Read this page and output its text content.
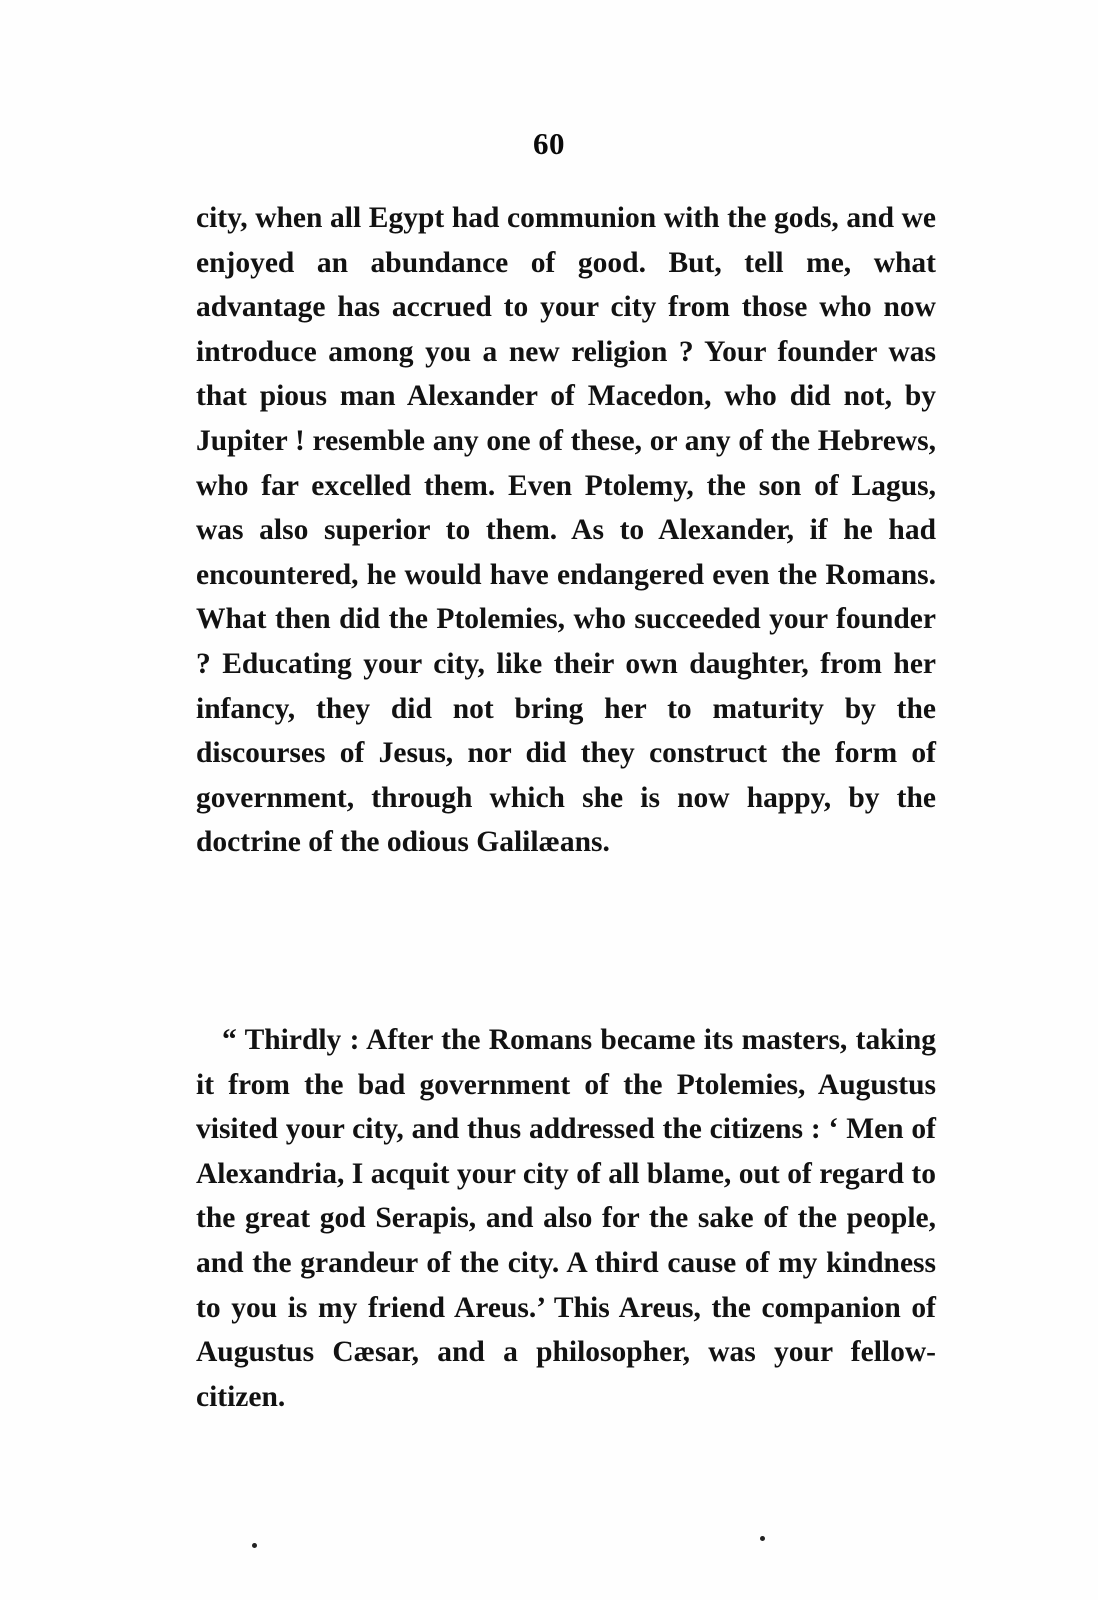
60
city, when all Egypt had communion with the gods, and we enjoyed an abundance of good. But, tell me, what advantage has accrued to your city from those who now introduce among you a new religion ? Your founder was that pious man Alexander of Macedon, who did not, by Jupiter ! resemble any one of these, or any of the Hebrews, who far excelled them. Even Ptolemy, the son of Lagus, was also superior to them. As to Alexander, if he had encountered, he would have endangered even the Romans. What then did the Ptolemies, who succeeded your founder ? Educating your city, like their own daughter, from her infancy, they did not bring her to maturity by the discourses of Jesus, nor did they construct the form of government, through which she is now happy, by the doctrine of the odious Galilæans.
“ Thirdly : After the Romans became its masters, taking it from the bad government of the Ptolemies, Augustus visited your city, and thus addressed the citizens : ‘ Men of Alexandria, I acquit your city of all blame, out of regard to the great god Serapis, and also for the sake of the people, and the grandeur of the city. A third cause of my kindness to you is my friend Areus.’ This Areus, the companion of Augustus Cæsar, and a philosopher, was your fellow-citizen.
